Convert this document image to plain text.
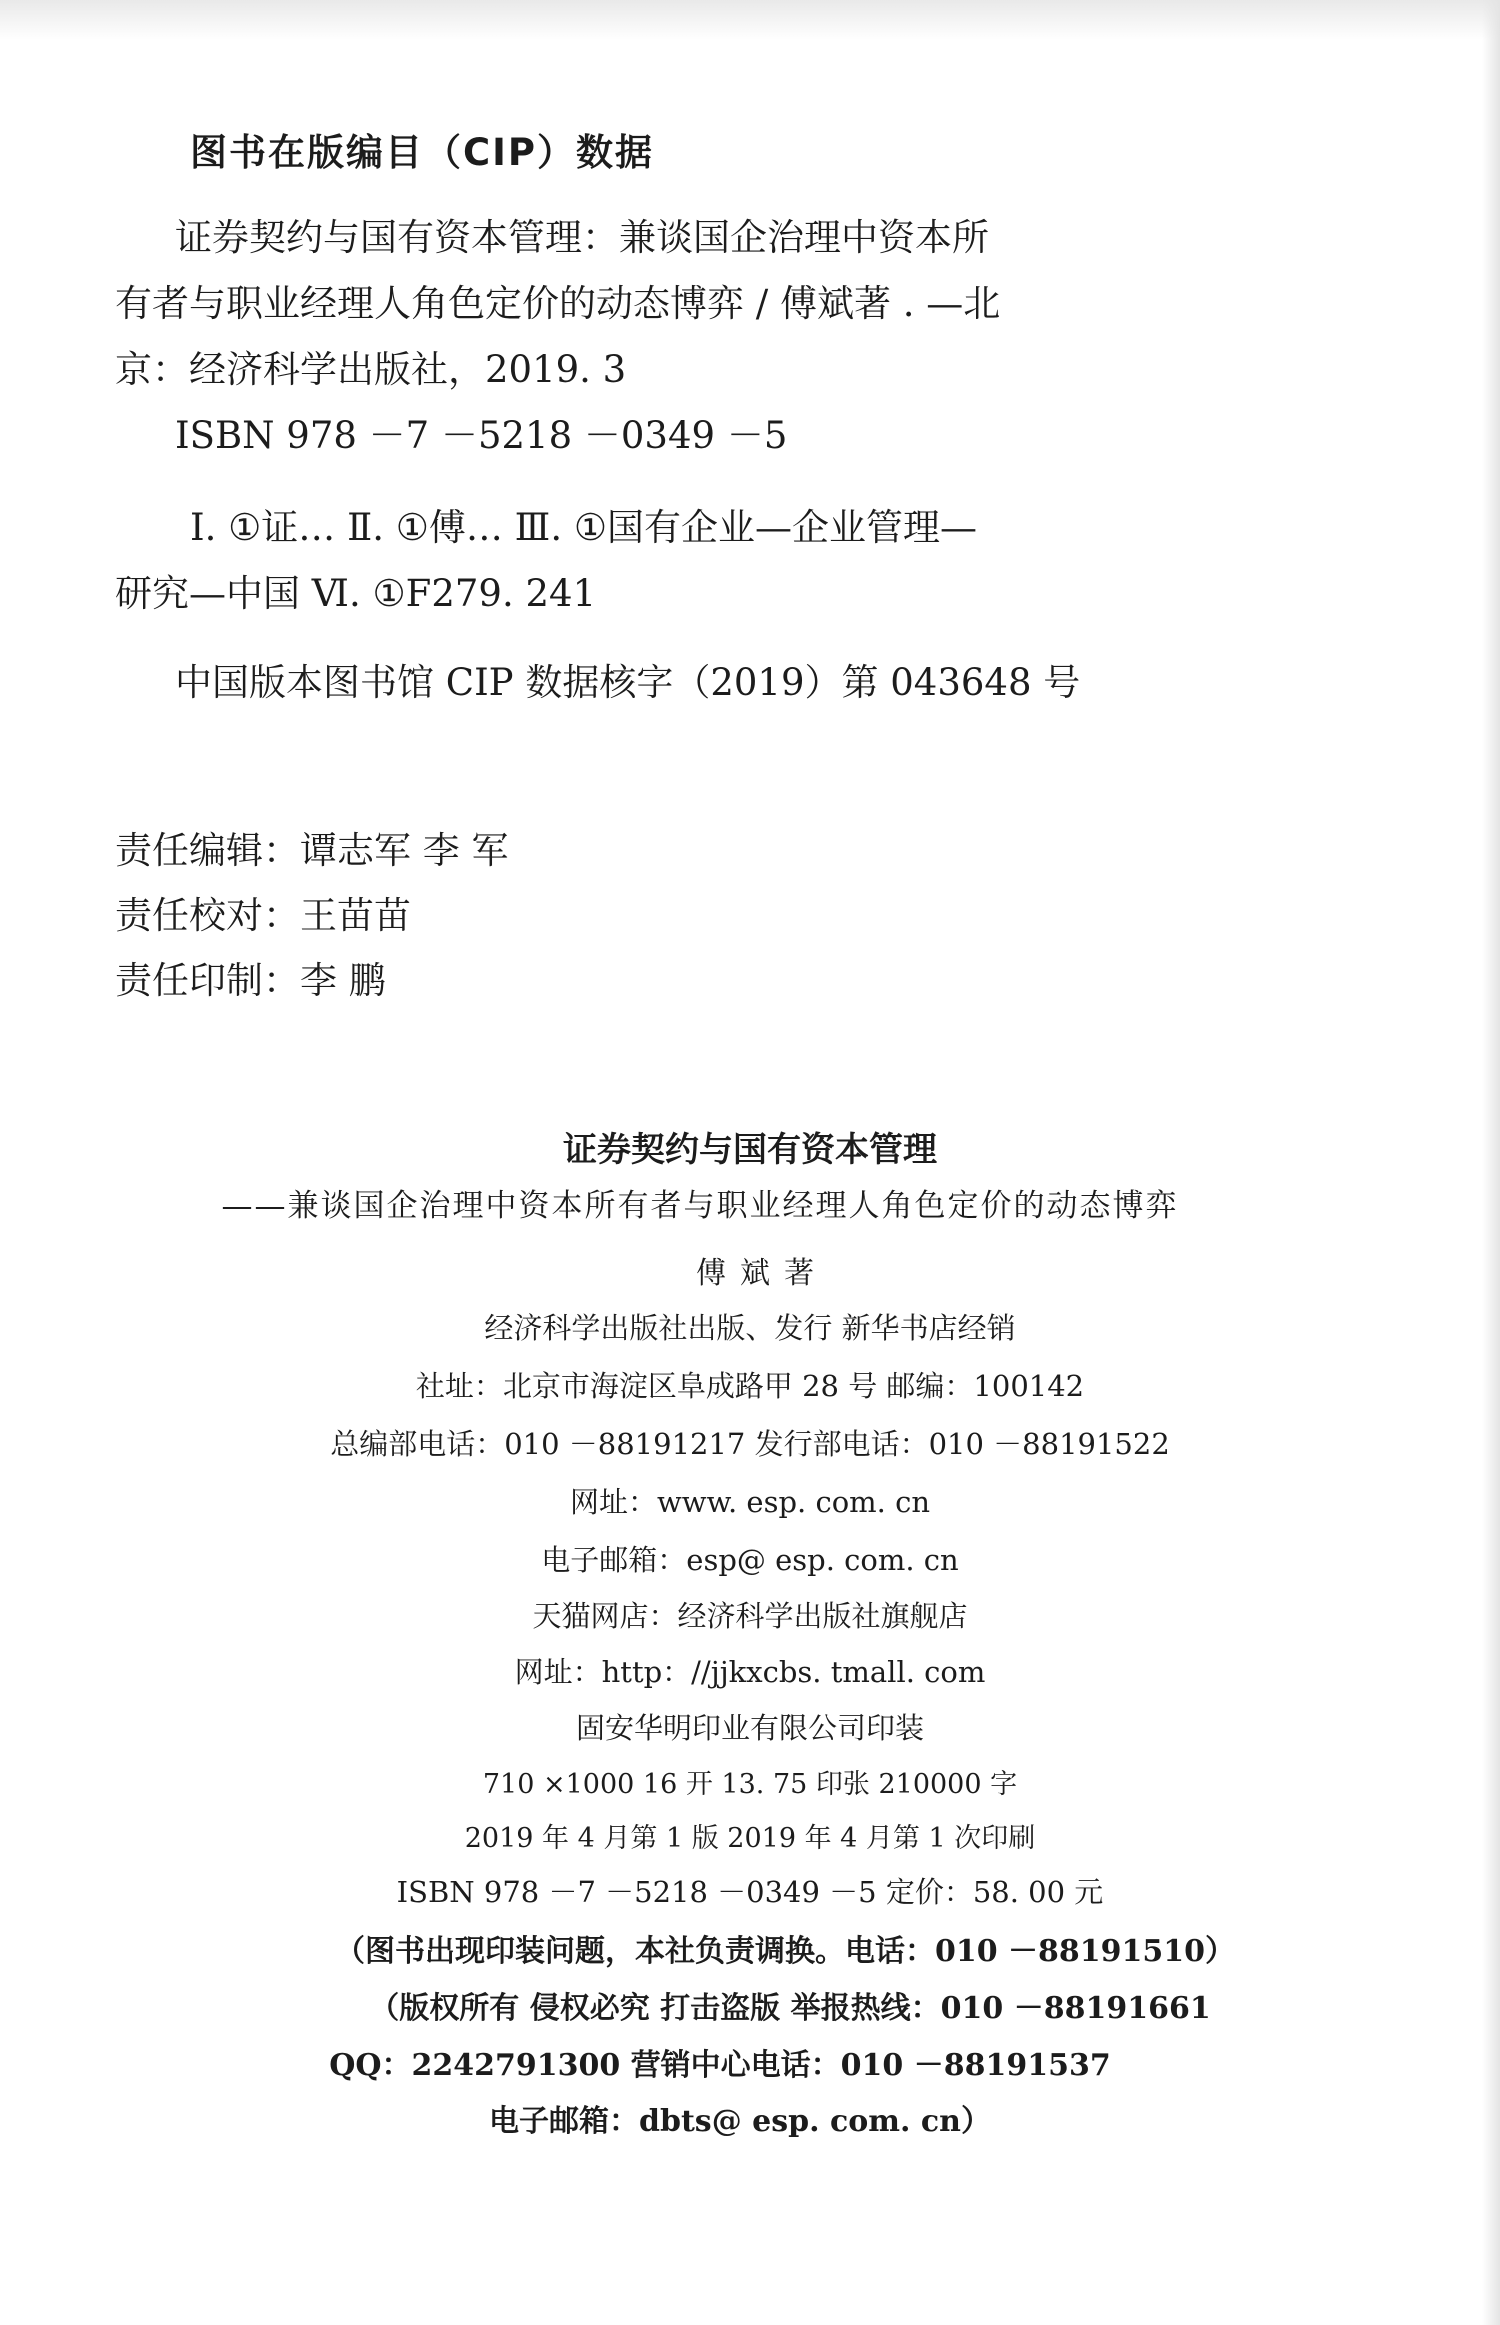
图书在版编目（CIP）数据

证券契约与国有资本管理：兼谈国企治理中资本所

有者与职业经理人角色定价的动态博弈 / 傅斌著 . —北

京：经济科学出版社，2019. 3

ISBN 978 －7 －5218 －0349 －5

Ⅰ. ①证… Ⅱ. ①傅… Ⅲ. ①国有企业—企业管理—

研究—中国 Ⅵ. ①F279. 241

中国版本图书馆 CIP 数据核字（2019）第 043648 号

责任编辑：谭志军 李 军
责任校对：王苗苗
责任印制：李 鹏
证券契约与国有资本管理
——兼谈国企治理中资本所有者与职业经理人角色定价的动态博弈
傅斌著
经济科学出版社出版、发行 新华书店经销
社址：北京市海淀区阜成路甲 28 号 邮编：100142
总编部电话：010 －88191217 发行部电话：010 －88191522
网址：www. esp. com. cn
电子邮箱：esp@ esp. com. cn
天猫网店：经济科学出版社旗舰店
网址：http：//jjkxcbs. tmall. com
固安华明印业有限公司印装
710 ×1000 16 开 13. 75 印张 210000 字
2019 年 4 月第 1 版 2019 年 4 月第 1 次印刷
ISBN 978 －7 －5218 －0349 －5 定价：58. 00 元
（图书出现印装问题，本社负责调换。电话：010 －88191510）
（版权所有 侵权必究 打击盗版 举报热线：010 －88191661
QQ：2242791300 营销中心电话：010 －88191537
电子邮箱：dbts@ esp. com. cn）
